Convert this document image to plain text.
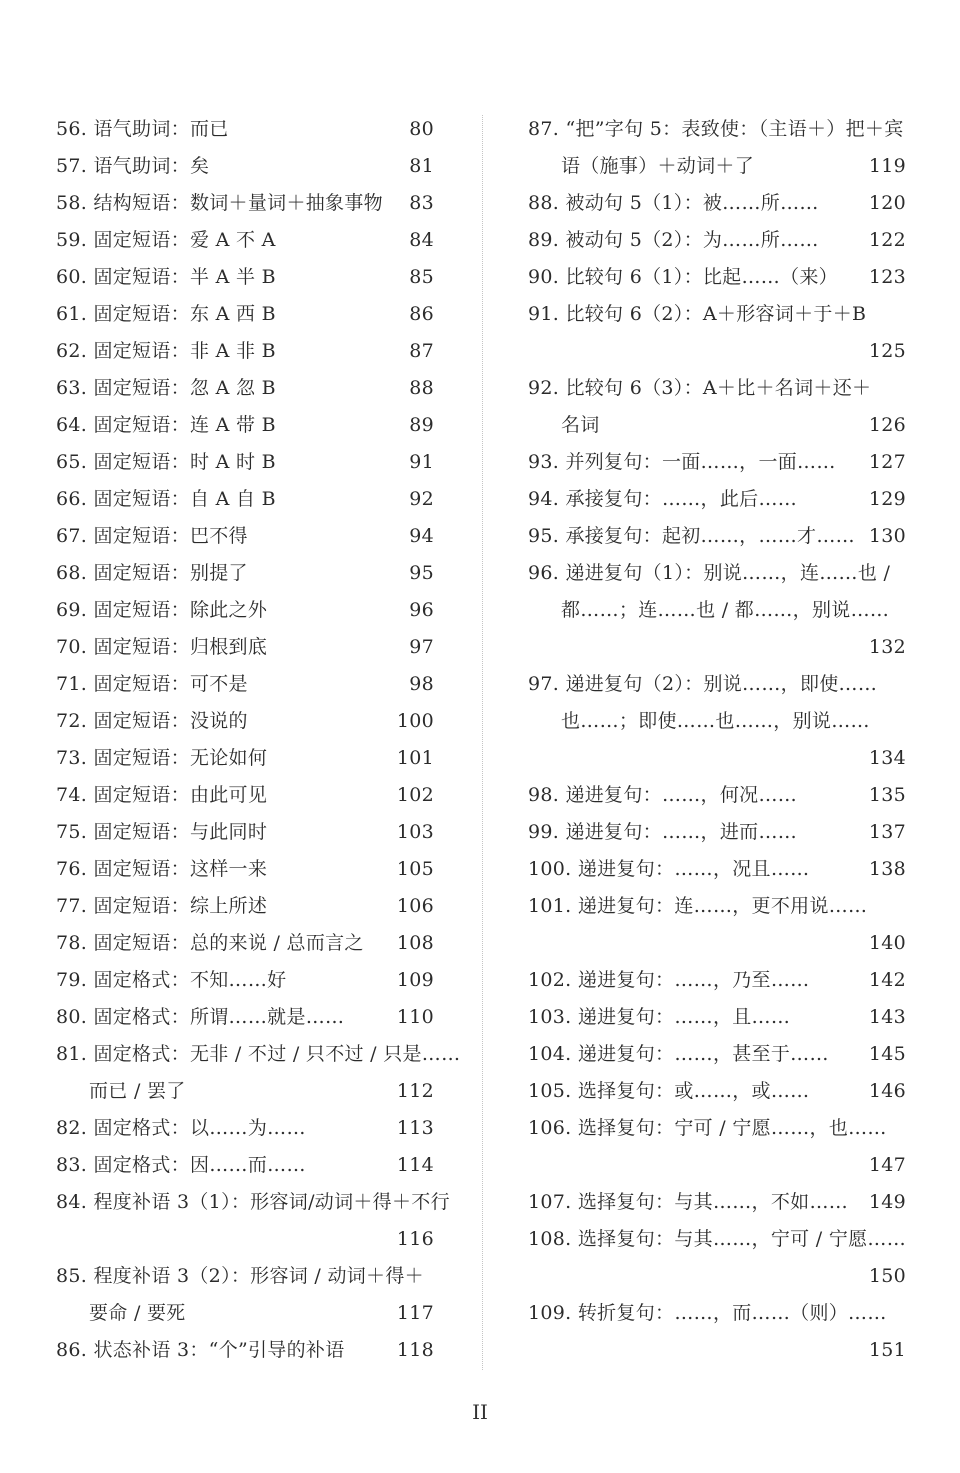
56. 语气助词：而已	80
57. 语气助词：矣	81
58. 结构短语：数词＋量词＋抽象事物 83
59. 固定短语：爱 A 不 A	84
60. 固定短语：半 A 半 B	85
61. 固定短语：东 A 西 B	86
62. 固定短语：非 A 非 B	87
63. 固定短语：忽 A 忽 B	88
64. 固定短语：连 A 带 B	89
65. 固定短语：时 A 时 B	91
66. 固定短语：自 A 自 B	92
67. 固定短语：巴不得	94
68. 固定短语：别提了	95
69. 固定短语：除此之外	96
70. 固定短语：归根到底	97
71. 固定短语：可不是	98
72. 固定短语：没说的	100
73. 固定短语：无论如何	101
74. 固定短语：由此可见	102
75. 固定短语：与此同时	103
76. 固定短语：这样一来	105
77. 固定短语：综上所述	106
78. 固定短语：总的来说 / 总而言之 108
79. 固定格式：不知……好	109
80. 固定格式：所谓……就是……	110
81. 固定格式：无非 / 不过 / 只不过 / 只是……
而已 / 罢了	112
82. 固定格式：以……为……	113
83. 固定格式：因……而……	114
84. 程度补语 3（1）：形容词/动词＋得＋不行
116
85. 程度补语 3（2）：形容词 / 动词＋得＋
要命 / 要死	117
86. 状态补语 3：“个”引导的补语	118
87. “把”字句 5：表致使：（主语＋）把＋宾
语（施事）＋动词＋了	119
88. 被动句 5（1）：被……所……	120
89. 被动句 5（2）：为……所……	122
90. 比较句 6（1）：比起……（来） 123
91. 比较句 6（2）：A＋形容词＋于＋B
125
92. 比较句 6（3）：A＋比＋名词＋还＋
名词	126
93. 并列复句：一面……，一面…… 127
94. 承接复句：……，此后……	129
95. 承接复句：起初……，……才…… 130
96. 递进复句（1）：别说……，连……也 /
都……；连……也 / 都……，别说……
132
97. 递进复句（2）：别说……，即使……
也……；即使……也……，别说……
134
98. 递进复句：……，何况……	135
99. 递进复句：……，进而……	137
100. 递进复句：……，况且……	138
101. 递进复句：连……，更不用说……
140
102. 递进复句：……，乃至……	142
103. 递进复句：……，且……	143
104. 递进复句：……，甚至于…… 145
105. 选择复句：或……，或……	146
106. 选择复句：宁可 / 宁愿……，也……
147
107. 选择复句：与其……，不如…… 149
108. 选择复句：与其……，宁可 / 宁愿……
150
109. 转折复句：……，而……（则）……
151
II
